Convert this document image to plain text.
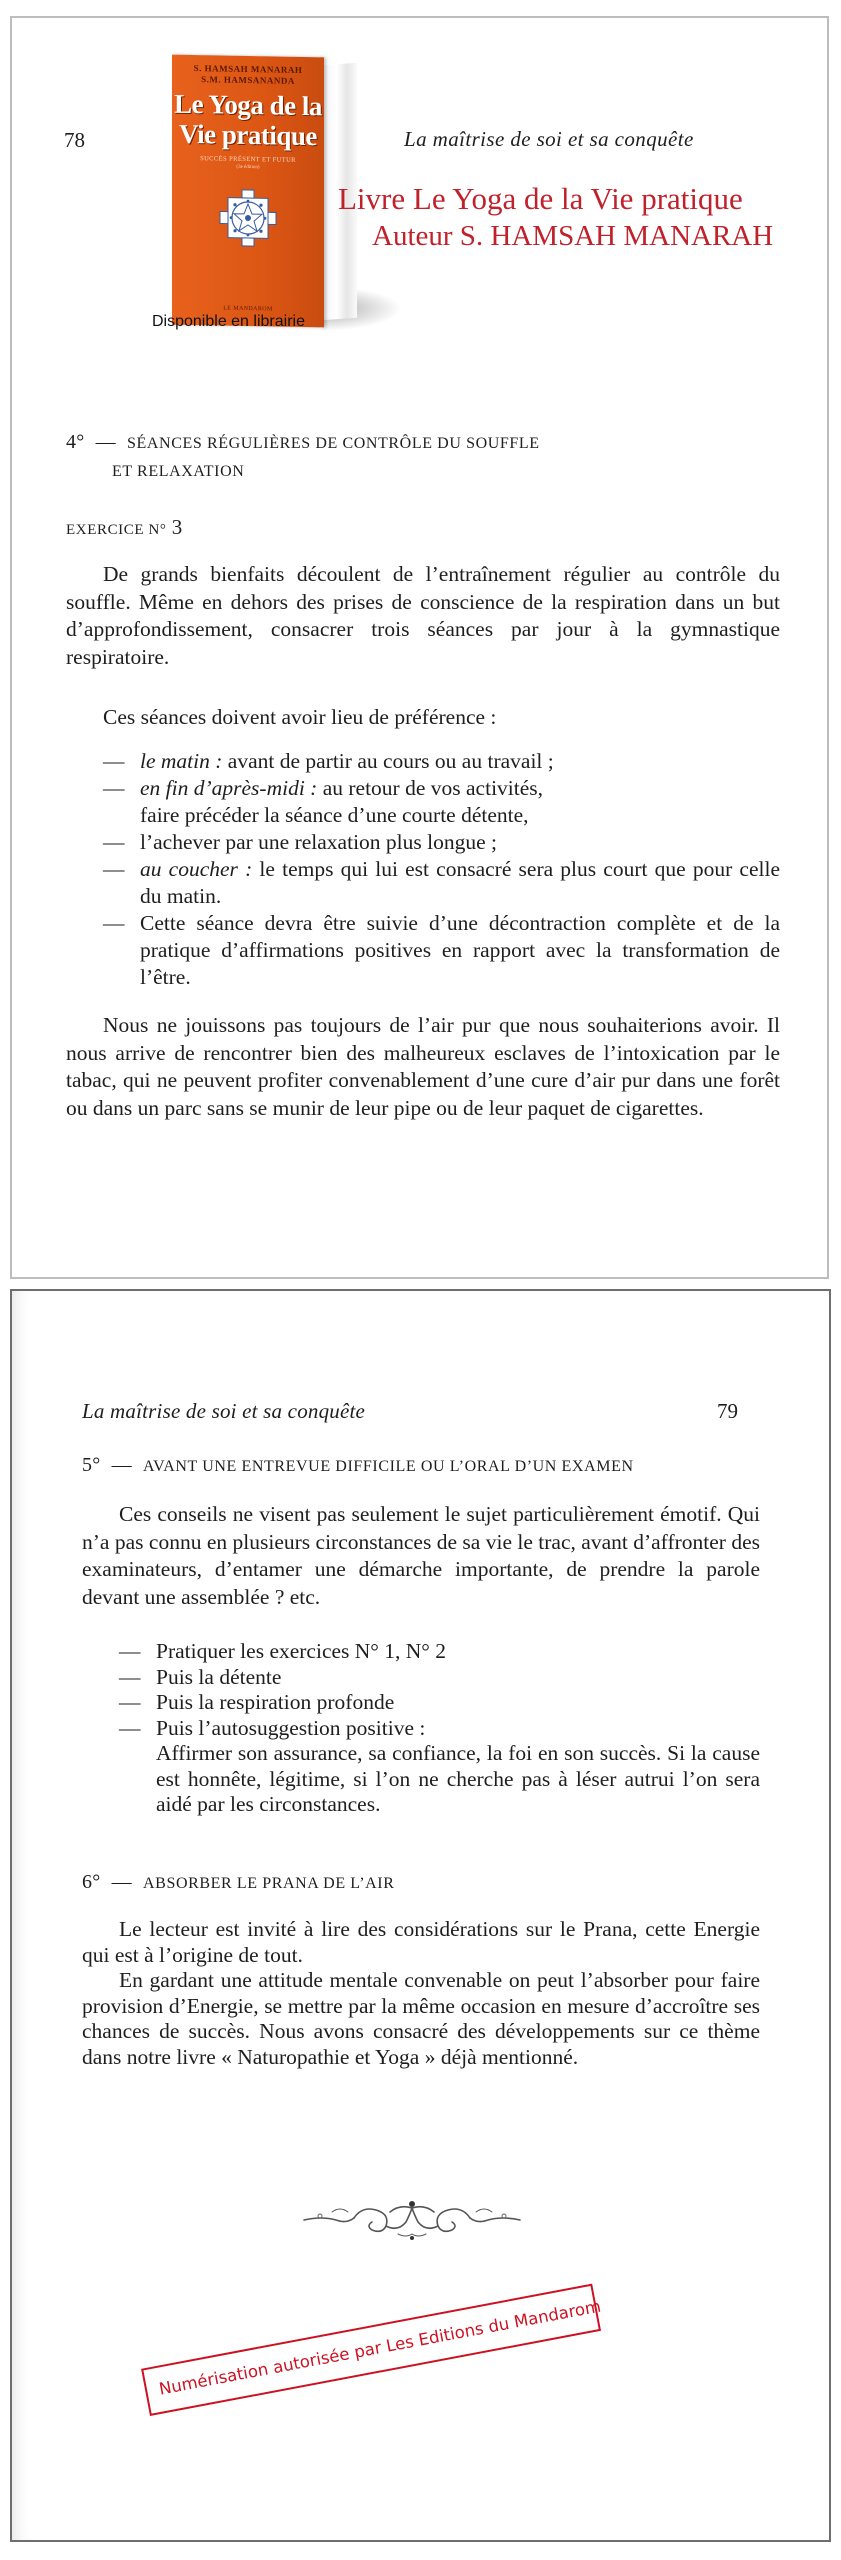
78
S. HAMSAH MANARAH
S.M. HAMSANANDA
Le Yoga de la
Vie pratique
SUCCÈS PRÉSENT ET FUTUR
(3e édition)
LE MANDAROM
Disponible en librairie
La maîtrise de soi et sa conquête
Livre Le Yoga de la Vie pratique
Auteur S. HAMSAH MANARAH
4° — SÉANCES RÉGULIÈRES DE CONTRÔLE DU SOUFFLE
ET RELAXATION
EXERCICE N° 3

De grands bienfaits découlent de l’entraînement régulier au contrôle du souffle. Même en dehors des prises de conscience de la respiration dans un but d’approfondissement, consacrer trois séances par jour à la gymnastique respiratoire.

Ces séances doivent avoir lieu de préférence :

— le matin : avant de partir au cours ou au travail ;
— en fin d’après-midi : au retour de vos activités,
faire précéder la séance d’une courte détente,
— l’achever par une relaxation plus longue ;
— au coucher : le temps qui lui est consacré sera plus court que pour celle du matin.
— Cette séance devra être suivie d’une décontraction complète et de la pratique d’affirmations positives en rapport avec la transformation de l’être.

Nous ne jouissons pas toujours de l’air pur que nous souhaiterions avoir. Il nous arrive de rencontrer bien des malheureux esclaves de l’intoxication par le tabac, qui ne peuvent profiter convenablement d’une cure d’air pur dans une forêt ou dans un parc sans se munir de leur pipe ou de leur paquet de cigarettes.

La maîtrise de soi et sa conquête	79
5° — AVANT UNE ENTREVUE DIFFICILE OU L’ORAL D’UN EXAMEN

Ces conseils ne visent pas seulement le sujet particulièrement émotif. Qui n’a pas connu en plusieurs circonstances de sa vie le trac, avant d’affronter des examinateurs, d’entamer une démarche importante, de prendre la parole devant une assemblée ? etc.

— Pratiquer les exercices N° 1, N° 2
— Puis la détente
— Puis la respiration profonde
— Puis l’autosuggestion positive :
Affirmer son assurance, sa confiance, la foi en son succès. Si la cause est honnête, légitime, si l’on ne cherche pas à léser autrui l’on sera aidé par les circonstances.
6° — ABSORBER LE PRANA DE L’AIR

Le lecteur est invité à lire des considérations sur le Prana, cette Energie qui est à l’origine de tout.

En gardant une attitude mentale convenable on peut l’absorber pour faire provision d’Energie, se mettre par la même occasion en mesure d’accroître ses chances de succès. Nous avons consacré des développements sur ce thème dans notre livre « Naturopathie et Yoga » déjà mentionné.

Numérisation autorisée par Les Editions du Mandarom
